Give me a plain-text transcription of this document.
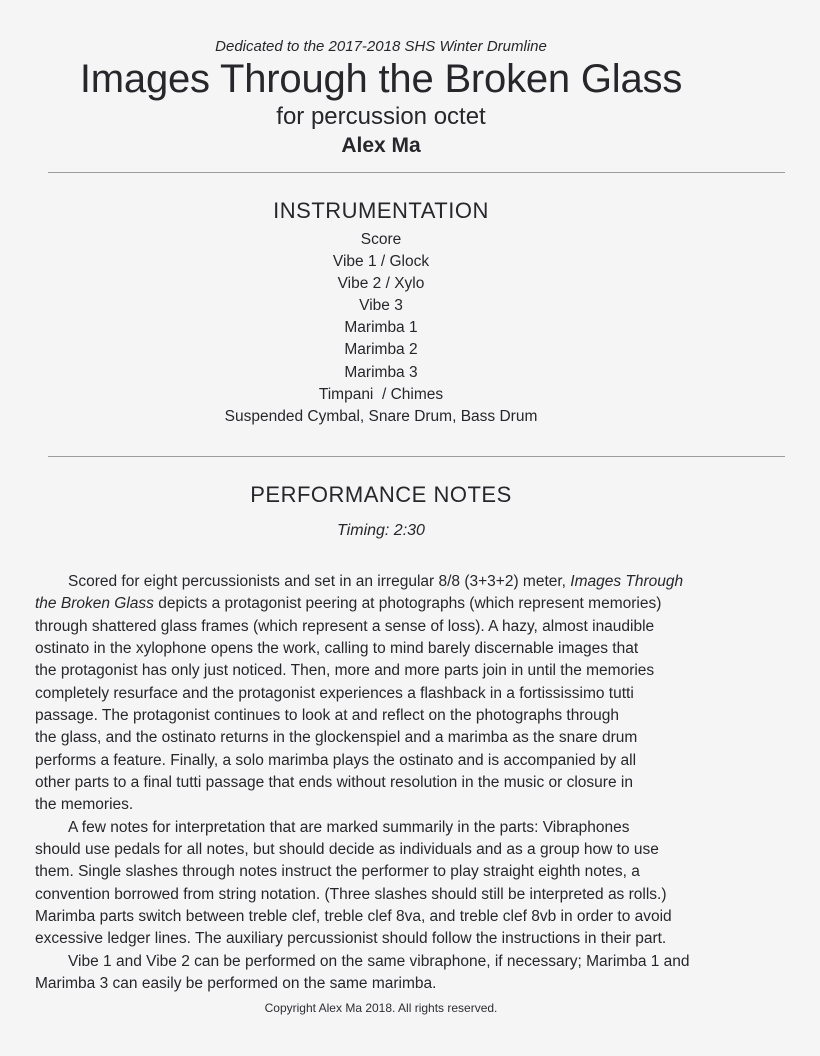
Dedicated to the 2017-2018 SHS Winter Drumline
Images Through the Broken Glass
for percussion octet
Alex Ma
INSTRUMENTATION
Score
Vibe 1 / Glock
Vibe 2 / Xylo
Vibe 3
Marimba 1
Marimba 2
Marimba 3
Timpani  / Chimes
Suspended Cymbal, Snare Drum, Bass Drum
PERFORMANCE NOTES
Timing: 2:30
Scored for eight percussionists and set in an irregular 8/8 (3+3+2) meter, Images Through
the Broken Glass depicts a protagonist peering at photographs (which represent memories)
through shattered glass frames (which represent a sense of loss). A hazy, almost inaudible
ostinato in the xylophone opens the work, calling to mind barely discernable images that
the protagonist has only just noticed. Then, more and more parts join in until the memories
completely resurface and the protagonist experiences a flashback in a fortississimo tutti
passage. The protagonist continues to look at and reflect on the photographs through
the glass, and the ostinato returns in the glockenspiel and a marimba as the snare drum
performs a feature. Finally, a solo marimba plays the ostinato and is accompanied by all
other parts to a final tutti passage that ends without resolution in the music or closure in
the memories.
A few notes for interpretation that are marked summarily in the parts: Vibraphones
should use pedals for all notes, but should decide as individuals and as a group how to use
them. Single slashes through notes instruct the performer to play straight eighth notes, a
convention borrowed from string notation. (Three slashes should still be interpreted as rolls.)
Marimba parts switch between treble clef, treble clef 8va, and treble clef 8vb in order to avoid
excessive ledger lines. The auxiliary percussionist should follow the instructions in their part.
Vibe 1 and Vibe 2 can be performed on the same vibraphone, if necessary; Marimba 1 and
Marimba 3 can easily be performed on the same marimba.
Copyright Alex Ma 2018. All rights reserved.
